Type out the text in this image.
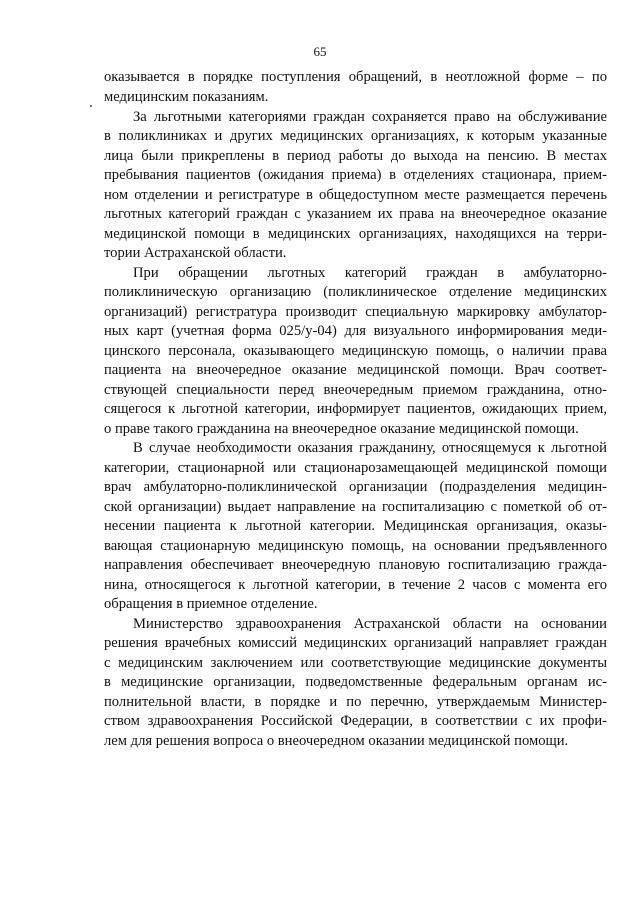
65
оказывается в порядке поступления обращений, в неотложной форме – по
медицинским показаниям.
За льготными категориями граждан сохраняется право на обслуживание
в поликлиниках и других медицинских организациях, к которым указанные
лица были прикреплены в период работы до выхода на пенсию. В местах
пребывания пациентов (ожидания приема) в отделениях стационара, прием-
ном отделении и регистратуре в общедоступном месте размещается перечень
льготных категорий граждан с указанием их права на внеочередное оказание
медицинской помощи в медицинских организациях, находящихся на терри-
тории Астраханской области.
При обращении льготных категорий граждан в амбулаторно-
поликлиническую организацию (поликлиническое отделение медицинских
организаций) регистратура производит специальную маркировку амбулатор-
ных карт (учетная форма 025/у-04) для визуального информирования меди-
цинского персонала, оказывающего медицинскую помощь, о наличии права
пациента на внеочередное оказание медицинской помощи. Врач соответ-
ствующей специальности перед внеочередным приемом гражданина, отно-
сящегося к льготной категории, информирует пациентов, ожидающих прием,
о праве такого гражданина на внеочередное оказание медицинской помощи.
В случае необходимости оказания гражданину, относящемуся к льготной
категории, стационарной или стационарозамещающей медицинской помощи
врач амбулаторно-поликлинической организации (подразделения медицин-
ской организации) выдает направление на госпитализацию с пометкой об от-
несении пациента к льготной категории. Медицинская организация, оказы-
вающая стационарную медицинскую помощь, на основании предъявленного
направления обеспечивает внеочередную плановую госпитализацию гражда-
нина, относящегося к льготной категории, в течение 2 часов с момента его
обращения в приемное отделение.
Министерство здравоохранения Астраханской области на основании
решения врачебных комиссий медицинских организаций направляет граждан
с медицинским заключением или соответствующие медицинские документы
в медицинские организации, подведомственные федеральным органам ис-
полнительной власти, в порядке и по перечню, утверждаемым Министер-
ством здравоохранения Российской Федерации, в соответствии с их профи-
лем для решения вопроса о внеочередном оказании медицинской помощи.
